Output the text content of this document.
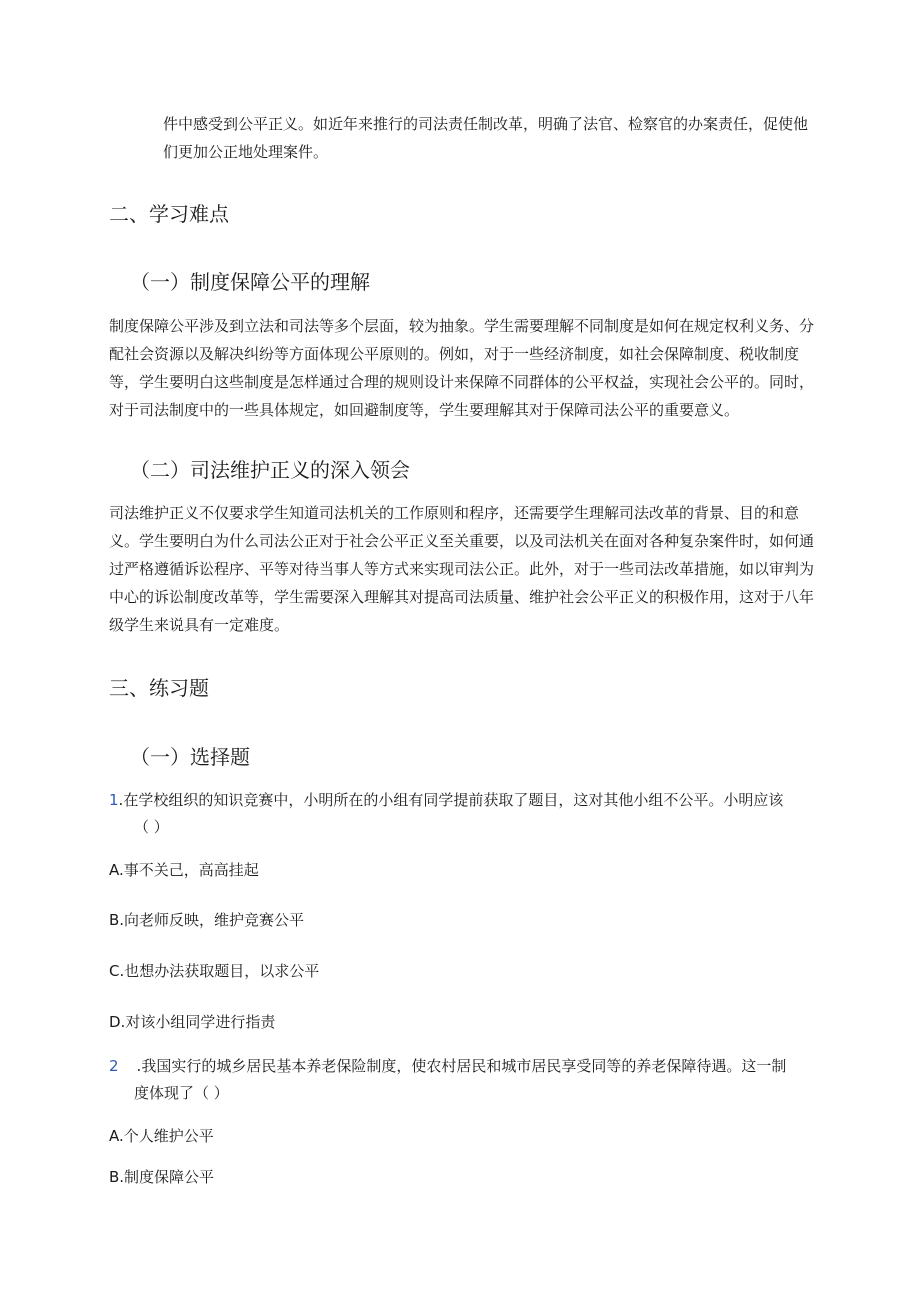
件中感受到公平正义。如近年来推行的司法责任制改革，明确了法官、检察官的办案责任，促使他们更加公正地处理案件。

二、学习难点
（一）制度保障公平的理解

制度保障公平涉及到立法和司法等多个层面，较为抽象。学生需要理解不同制度是如何在规定权利义务、分配社会资源以及解决纠纷等方面体现公平原则的。例如，对于一些经济制度，如社会保障制度、税收制度等，学生要明白这些制度是怎样通过合理的规则设计来保障不同群体的公平权益，实现社会公平的。同时，对于司法制度中的一些具体规定，如回避制度等，学生要理解其对于保障司法公平的重要意义。

（二）司法维护正义的深入领会

司法维护正义不仅要求学生知道司法机关的工作原则和程序，还需要学生理解司法改革的背景、目的和意义。学生要明白为什么司法公正对于社会公平正义至关重要，以及司法机关在面对各种复杂案件时，如何通过严格遵循诉讼程序、平等对待当事人等方式来实现司法公正。此外，对于一些司法改革措施，如以审判为中心的诉讼制度改革等，学生需要深入理解其对提高司法质量、维护社会公平正义的积极作用，这对于八年级学生来说具有一定难度。

三、练习题
（一）选择题
1.在学校组织的知识竞赛中，小明所在的小组有同学提前获取了题目，这对其他小组不公平。小明应该
（ ）

A.事不关己，高高挂起

B.向老师反映，维护竞赛公平

C.也想办法获取题目，以求公平

D.对该小组同学进行指责

2 .我国实行的城乡居民基本养老保险制度，使农村居民和城市居民享受同等的养老保障待遇。这一制
度体现了（ ）

A.个人维护公平

B.制度保障公平
